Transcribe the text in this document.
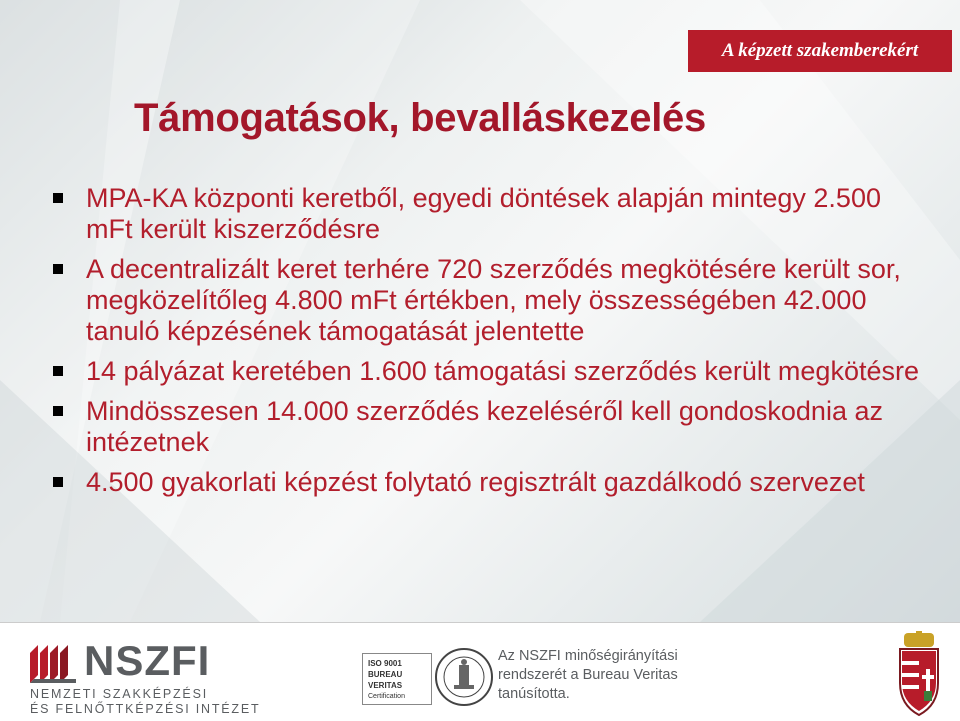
A képzett szakemberekért
Támogatások, bevalláskezelés
MPA-KA központi keretből, egyedi döntések alapján mintegy 2.500 mFt került kiszerződésre
A decentralizált keret terhére 720 szerződés megkötésére került sor, megközelítőleg 4.800 mFt értékben, mely összességében 42.000 tanuló képzésének támogatását jelentette
14 pályázat keretében 1.600 támogatási szerződés került megkötésre
Mindösszesen 14.000 szerződés kezeléséről kell gondoskodnia az intézetnek
4.500 gyakorlati képzést folytató regisztrált gazdálkodó szervezet
NSZFI
NEMZETI SZAKKÉPZÉSI
ÉS FELNŐTTKÉPZÉSI INTÉZET
ISO 9001
BUREAU VERITAS
Certification
Az NSZFI minőségirányítási
rendszerét a Bureau Veritas
tanúsította.
